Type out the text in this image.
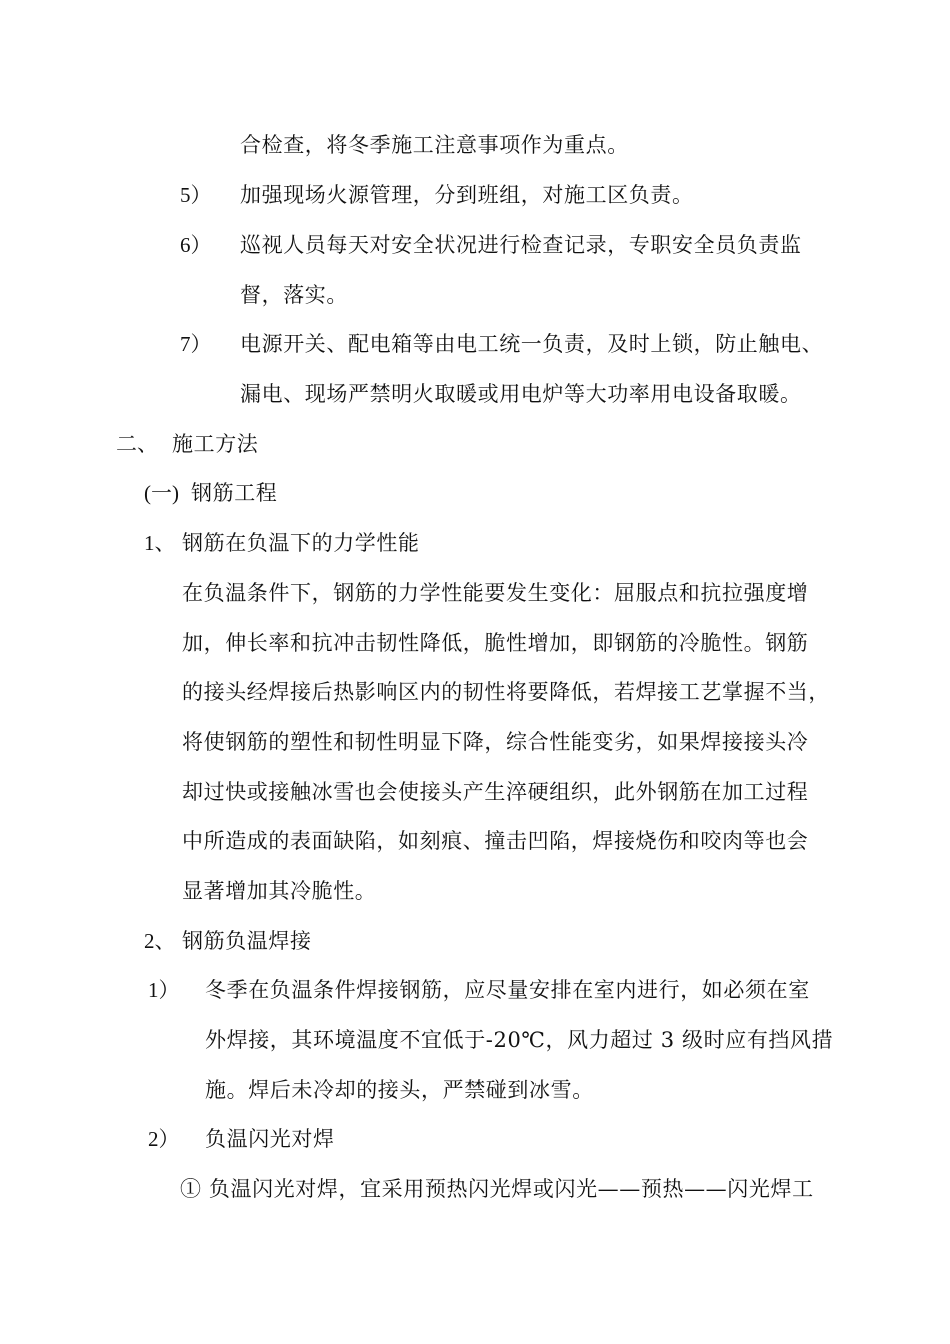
合检查，将冬季施工注意事项作为重点。
5） 加强现场火源管理，分到班组，对施工区负责。
6） 巡视人员每天对安全状况进行检查记录，专职安全员负责监
督，落实。
7） 电源开关、配电箱等由电工统一负责，及时上锁，防止触电、
漏电、现场严禁明火取暖或用电炉等大功率用电设备取暖。
二、 施工方法
(一) 钢筋工程
1、 钢筋在负温下的力学性能
在负温条件下，钢筋的力学性能要发生变化：屈服点和抗拉强度增
加，伸长率和抗冲击韧性降低，脆性增加，即钢筋的冷脆性。钢筋
的接头经焊接后热影响区内的韧性将要降低，若焊接工艺掌握不当，
将使钢筋的塑性和韧性明显下降，综合性能变劣，如果焊接接头冷
却过快或接触冰雪也会使接头产生淬硬组织，此外钢筋在加工过程
中所造成的表面缺陷，如刻痕、撞击凹陷，焊接烧伤和咬肉等也会
显著增加其冷脆性。
2、 钢筋负温焊接
1） 冬季在负温条件焊接钢筋，应尽量安排在室内进行，如必须在室
外焊接，其环境温度不宜低于-20℃，风力超过 3 级时应有挡风措
施。焊后未冷却的接头，严禁碰到冰雪。
2） 负温闪光对焊
① 负温闪光对焊，宜采用预热闪光焊或闪光——预热——闪光焊工
